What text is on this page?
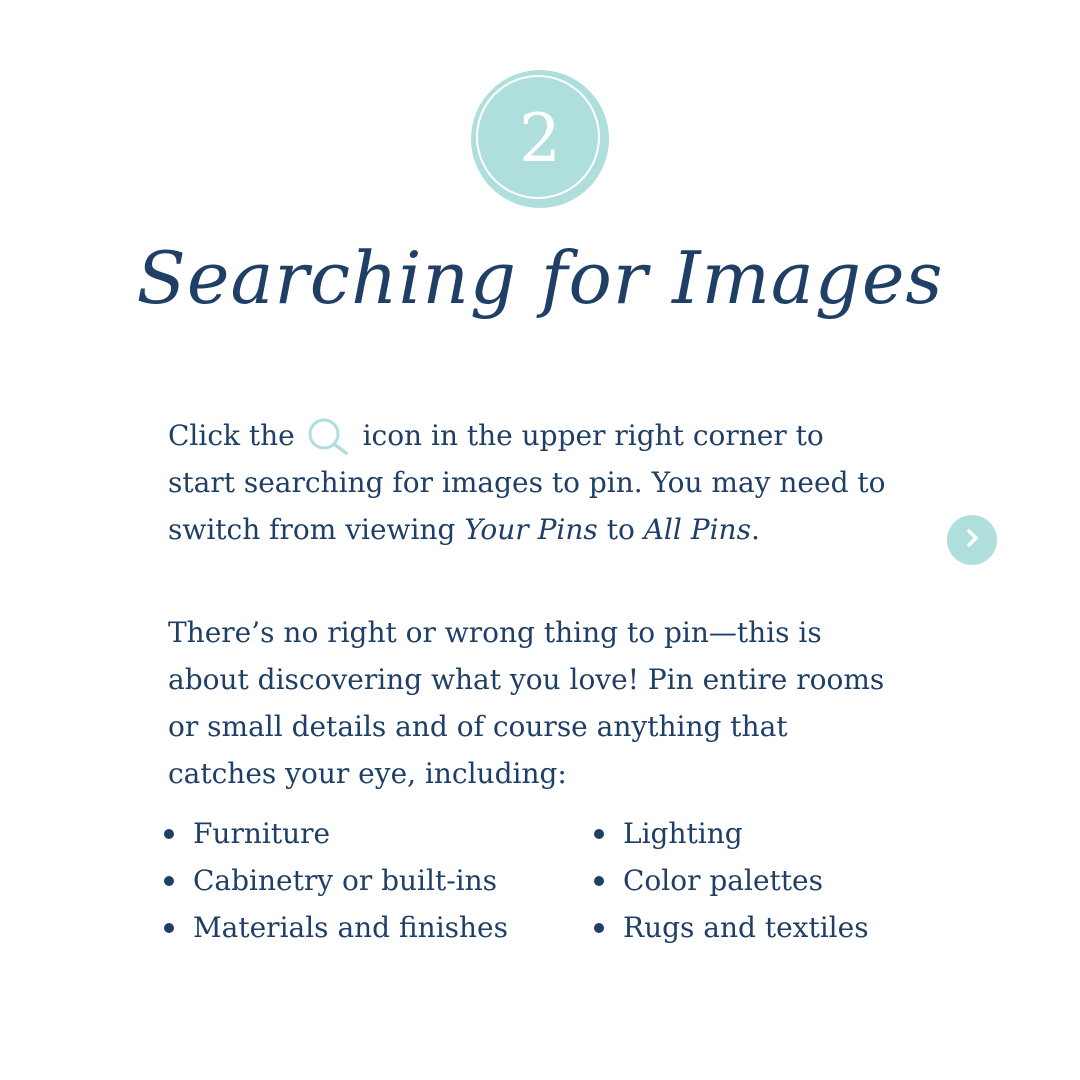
2
Searching for Images

Click the icon in the upper right corner to start searching for images to pin. You may need to switch from viewing Your Pins to All Pins.

There’s no right or wrong thing to pin—this is about discovering what you love! Pin entire rooms or small details and of course anything that catches your eye, including:

Furniture
Cabinetry or built-ins
Materials and finishes
Lighting
Color palettes
Rugs and textiles
